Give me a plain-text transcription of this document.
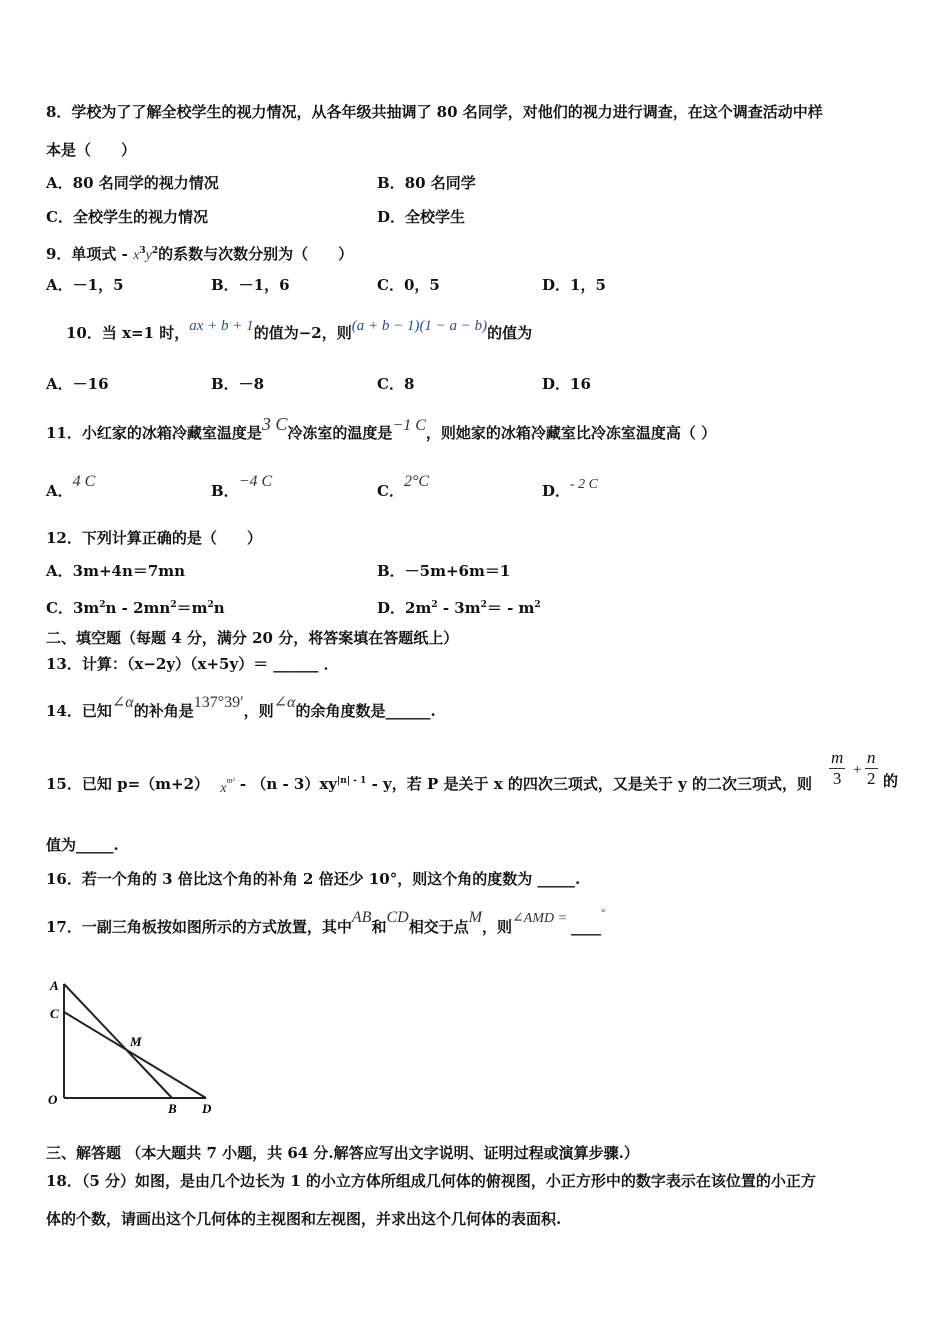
8．学校为了了解全校学生的视力情况，从各年级共抽调了 80 名同学，对他们的视力进行调查，在这个调查活动中样
本是（　　）
A．80 名同学的视力情况	B．80 名同学
C．全校学生的视力情况	D．全校学生
9．单项式 - $x^3y^2$的系数与次数分别为（　　）
A．－1，5	B．－1，6	C．0，5	D．1，5
10．当 x=1 时，ax + b + 1的值为−2，则(a + b − 1)(1 − a − b)的值为
A．－16	B．－8	C．8	D．16
11．小红家的冰箱冷藏室温度是3 C冷冻室的温度是−1 C，则她家的冰箱冷藏室比冷冻室温度高（ ）
A．4 C
B．−4 C
C．2°C
D．- 2 C
12．下列计算正确的是（　　）
A．3m+4n＝7mn	B．－5m+6m＝1
C．$3m^2n - 2mn^2=m^2n$	D．$2m^2 - 3m^2= - m^2$
二、填空题（每题 4 分，满分 20 分，将答案填在答题纸上）
13．计算：（x−2y）（x+5y）＝ ______ ．
14．已知∠α的补角是137°39′，则∠α的余角度数是______.
15．已知 p=（m+2） $x^{m^2} - (n - 3)xy^{|n| - 1}$ - y，若 P 是关于 x 的四次三项式，又是关于 y 的二次三项式，则 $\frac{m}{3} + \frac{n}{2}$ 的
值为_____.
16．若一个角的 3 倍比这个角的补角 2 倍还少 10°，则这个角的度数为 _____.
17．一副三角板按如图所示的方式放置，其中AB和CD相交于点M，则∠AMD = ____°
A
C
M
O
B D
三、解答题 （本大题共 7 小题，共 64 分.解答应写出文字说明、证明过程或演算步骤.）
18．（5 分）如图，是由几个边长为 1 的小立方体所组成几何体的俯视图，小正方形中的数字表示在该位置的小正方
体的个数，请画出这个几何体的主视图和左视图，并求出这个几何体的表面积.
